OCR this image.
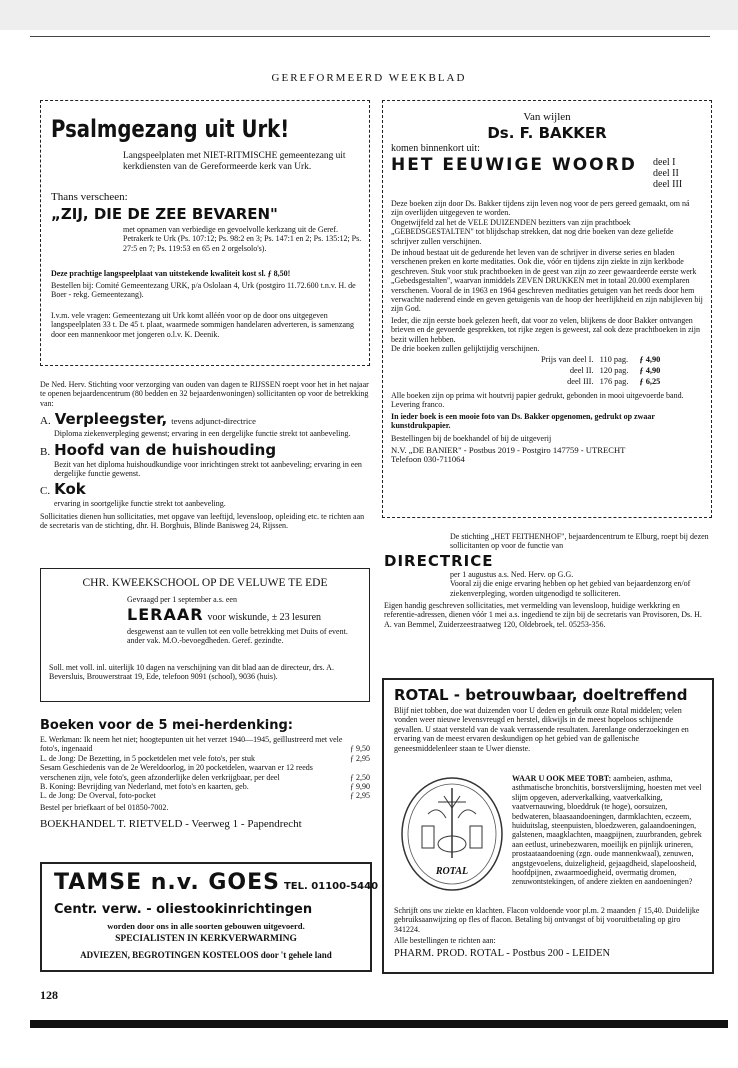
GEREFORMEERD WEEKBLAD
Psalmgezang uit Urk!

Langspeelplaten met NIET-RITMISCHE gemeentezang uit kerkdiensten van de Gereformeerde kerk van Urk.

Thans verscheen:

„ZIJ, DIE DE ZEE BEVAREN"

met opnamen van verbiedige en gevoelvolle kerkzang uit de Geref. Petrakerk te Urk (Ps. 107:12; Ps. 98:2 en 3; Ps. 147:1 en 2; Ps. 135:12; Ps. 27:5 en 7; Ps. 119:53 en 65 en 2 orgelsolo's).

Deze prachtige langspeelplaat van uitstekende kwaliteit kost sl. ƒ 8,50!

Bestellen bij: Comité Gemeentezang URK, p/a Oslolaan 4, Urk (postgiro 11.72.600 t.n.v. H. de Boer - rekg. Gemeentezang).

I.v.m. vele vragen: Gemeentezang uit Urk komt alléén voor op de door ons uitgegeven langspeelplaten 33 t. De 45 t. plaat, waarmede sommigen handelaren adverteren, is samenzang door een mannenkoor met jongeren o.l.v. K. Deenik.

De Ned. Herv. Stichting voor verzorging van ouden van dagen te RIJSSEN roept voor het in het najaar te openen bejaardencentrum (80 bedden en 32 bejaardenwoningen) sollicitanten op voor de betrekking van:

A. Verpleegster, tevens adjunct-directrice

Diploma ziekenverpleging gewenst; ervaring in een dergelijke functie strekt tot aanbeveling.

B. Hoofd van de huishouding

Bezit van het diploma huishoudkundige voor inrichtingen strekt tot aanbeveling; ervaring in een dergelijke functie gewenst.

C. Kok

ervaring in soortgelijke functie strekt tot aanbeveling.

Sollicitaties dienen hun sollicitaties, met opgave van leeftijd, levensloop, opleiding etc. te richten aan de secretaris van de stichting, dhr. H. Borghuis, Blinde Banisweg 24, Rijssen.

CHR. KWEEKSCHOOL OP DE VELUWE TE EDE

Gevraagd per 1 september a.s. een

LERAAR voor wiskunde, ± 23 lesuren

desgewenst aan te vullen tot een volle betrekking met Duits of event. ander vak. M.O.-bevoegdheden. Geref. gezindte.

Soll. met voll. inl. uiterlijk 10 dagen na verschijning van dit blad aan de directeur, drs. A. Beversluis, Brouwerstraat 19, Ede, telefoon 9091 (school), 9036 (huis).

Boeken voor de 5 mei-herdenking:
E. Werkman: Ik neem het niet; hoogtepunten uit het verzet 1940—1945, geïllustreerd met vele foto's, ingenaaid	ƒ 9,50
L. de Jong: De Bezetting, in 5 pocketdelen met vele foto's, per stuk	ƒ 2,95
Sesam Geschiedenis van de 2e Wereldoorlog, in 20 pocketdelen, waarvan er 12 reeds verschenen zijn, vele foto's, geen afzonderlijke delen verkrijgbaar, per deel	ƒ 2,50
B. Koning: Bevrijding van Nederland, met foto's en kaarten, geb.	ƒ 9,90
L. de Jong: De Overval, foto-pocket	ƒ 2,95

Bestel per briefkaart of bel 01850-7002.

BOEKHANDEL T. RIETVELD - Veerweg 1 - Papendrecht

TAMSE n.v. GOES TEL. 01100-5440
Centr. verw. - oliestookinrichtingen
worden door ons in alle soorten gebouwen uitgevoerd.
SPECIALISTEN IN KERKVERWARMING
ADVIEZEN, BEGROTINGEN KOSTELOOS door 't gehele land
128
Van wijlen
Ds. F. BAKKER
komen binnenkort uit:
HET EEUWIGE WOORD deel I
deel II
deel III

Deze boeken zijn door Ds. Bakker tijdens zijn leven nog voor de pers gereed gemaakt, om ná zijn overlijden uitgegeven te worden.

Ongetwijfeld zal het de VELE DUIZENDEN bezitters van zijn prachtboek „GEBEDSGESTALTEN" tot blijdschap strekken, dat nog drie boeken van deze geliefde schrijver zullen verschijnen.

De inhoud bestaat uit de gedurende het leven van de schrijver in diverse series en bladen verschenen preken en korte meditaties. Ook die, vóór en tijdens zijn ziekte in zijn kerkbode geschreven. Stuk voor stuk prachtboeken in de geest van zijn zo zeer gewaardeerde eerste werk „Gebedsgestalten", waarvan inmiddels ZEVEN DRUKKEN met in totaal 20.000 exemplaren verschenen. Vooral de in 1963 en 1964 geschreven meditaties getuigen van het reeds door hem verwachte naderend einde en geven getuigenis van de hoop der heerlijkheid en zijn nabijleven bij zijn God.

Ieder, die zijn eerste boek gelezen heeft, dat voor zo velen, blijkens de door Bakker ontvangen brieven en de gevoerde gesprekken, tot rijke zegen is geweest, zal ook deze prachtboeken in zijn bezit willen hebben.

De drie boeken zullen gelijktijdig verschijnen.

Prijs van deel I.	110 pag.	ƒ 4,90
deel II.	120 pag.	ƒ 4,90
deel III.	176 pag.	ƒ 6,25

Alle boeken zijn op prima wit houtvrij papier gedrukt, gebonden in mooi uitgevoerde band. Levering franco.

In ieder boek is een mooie foto van Ds. Bakker opgenomen, gedrukt op zwaar kunstdrukpapier.

Bestellingen bij de boekhandel of bij de uitgeverij

N.V. „DE BANIER" - Postbus 2019 - Postgiro 147759 - UTRECHT

Telefoon 030-711064

De stichting „HET FEITHENHOF", bejaardencentrum te Elburg, roept bij dezen sollicitanten op voor de functie van

DIRECTRICE

per 1 augustus a.s. Ned. Herv. op G.G.

Vooral zij die enige ervaring hebben op het gebied van bejaardenzorg en/of ziekenverpleging, worden uitgenodigd te solliciteren.

Eigen handig geschreven sollicitaties, met vermelding van levensloop, huidige werkkring en referentie-adressen, dienen vóór 1 mei a.s. ingediend te zijn bij de secretaris van Provisoren, Ds. H. A. van Bemmel, Zuiderzeestraatweg 120, Oldebroek, tel. 05253-356.

ROTAL - betrouwbaar, doeltreffend

Blijf niet tobben, doe wat duizenden voor U deden en gebruik onze Rotal middelen; velen vonden weer nieuwe levensvreugd en herstel, dikwijls in de meest hopeloos schijnende gevallen. U staat versteld van de vaak verrassende resultaten. Jarenlange onderzoekingen en ervaring van de meest ervaren deskundigen op het gebied van de gallenische geneesmiddelenleer staan te Uwer dienste.

ROTAL

WAAR U OOK MEE TOBT: aambeien, asthma, asthmatische bronchitis, borstverslijming, hoesten met veel slijm opgeven, aderverkalking, vaatverkalking, vaatvernauwing, bloeddruk (te hoge), oorsuizen, bedwateren, blaasaandoeningen, darmklachten, eczeem, huiduitslag, steenpuisten, bloedzweren, galaandoeningen, galstenen, maagklachten, maagpijnen, zuurbranden, gebrek aan eetlust, urinebezwaren, moeilijk en pijnlijk urineren, prostaataandoening (zgn. oude mannenkwaal), zenuwen, angstgevoelens, duizeligheid, gejaagdheid, slapeloosheid, hoofdpijnen, zwaarmoedigheid, overmatig dromen, zenuwontstekingen, of andere ziekten en aandoeningen?

Schrijft ons uw ziekte en klachten. Flacon voldoende voor pl.m. 2 maanden ƒ 15,40. Duidelijke gebruiksaanwijzing op fles of flacon. Betaling bij ontvangst of bij vooruitbetaling op giro 341224.

Alle bestellingen te richten aan:

PHARM. PROD. ROTAL - Postbus 200 - LEIDEN
